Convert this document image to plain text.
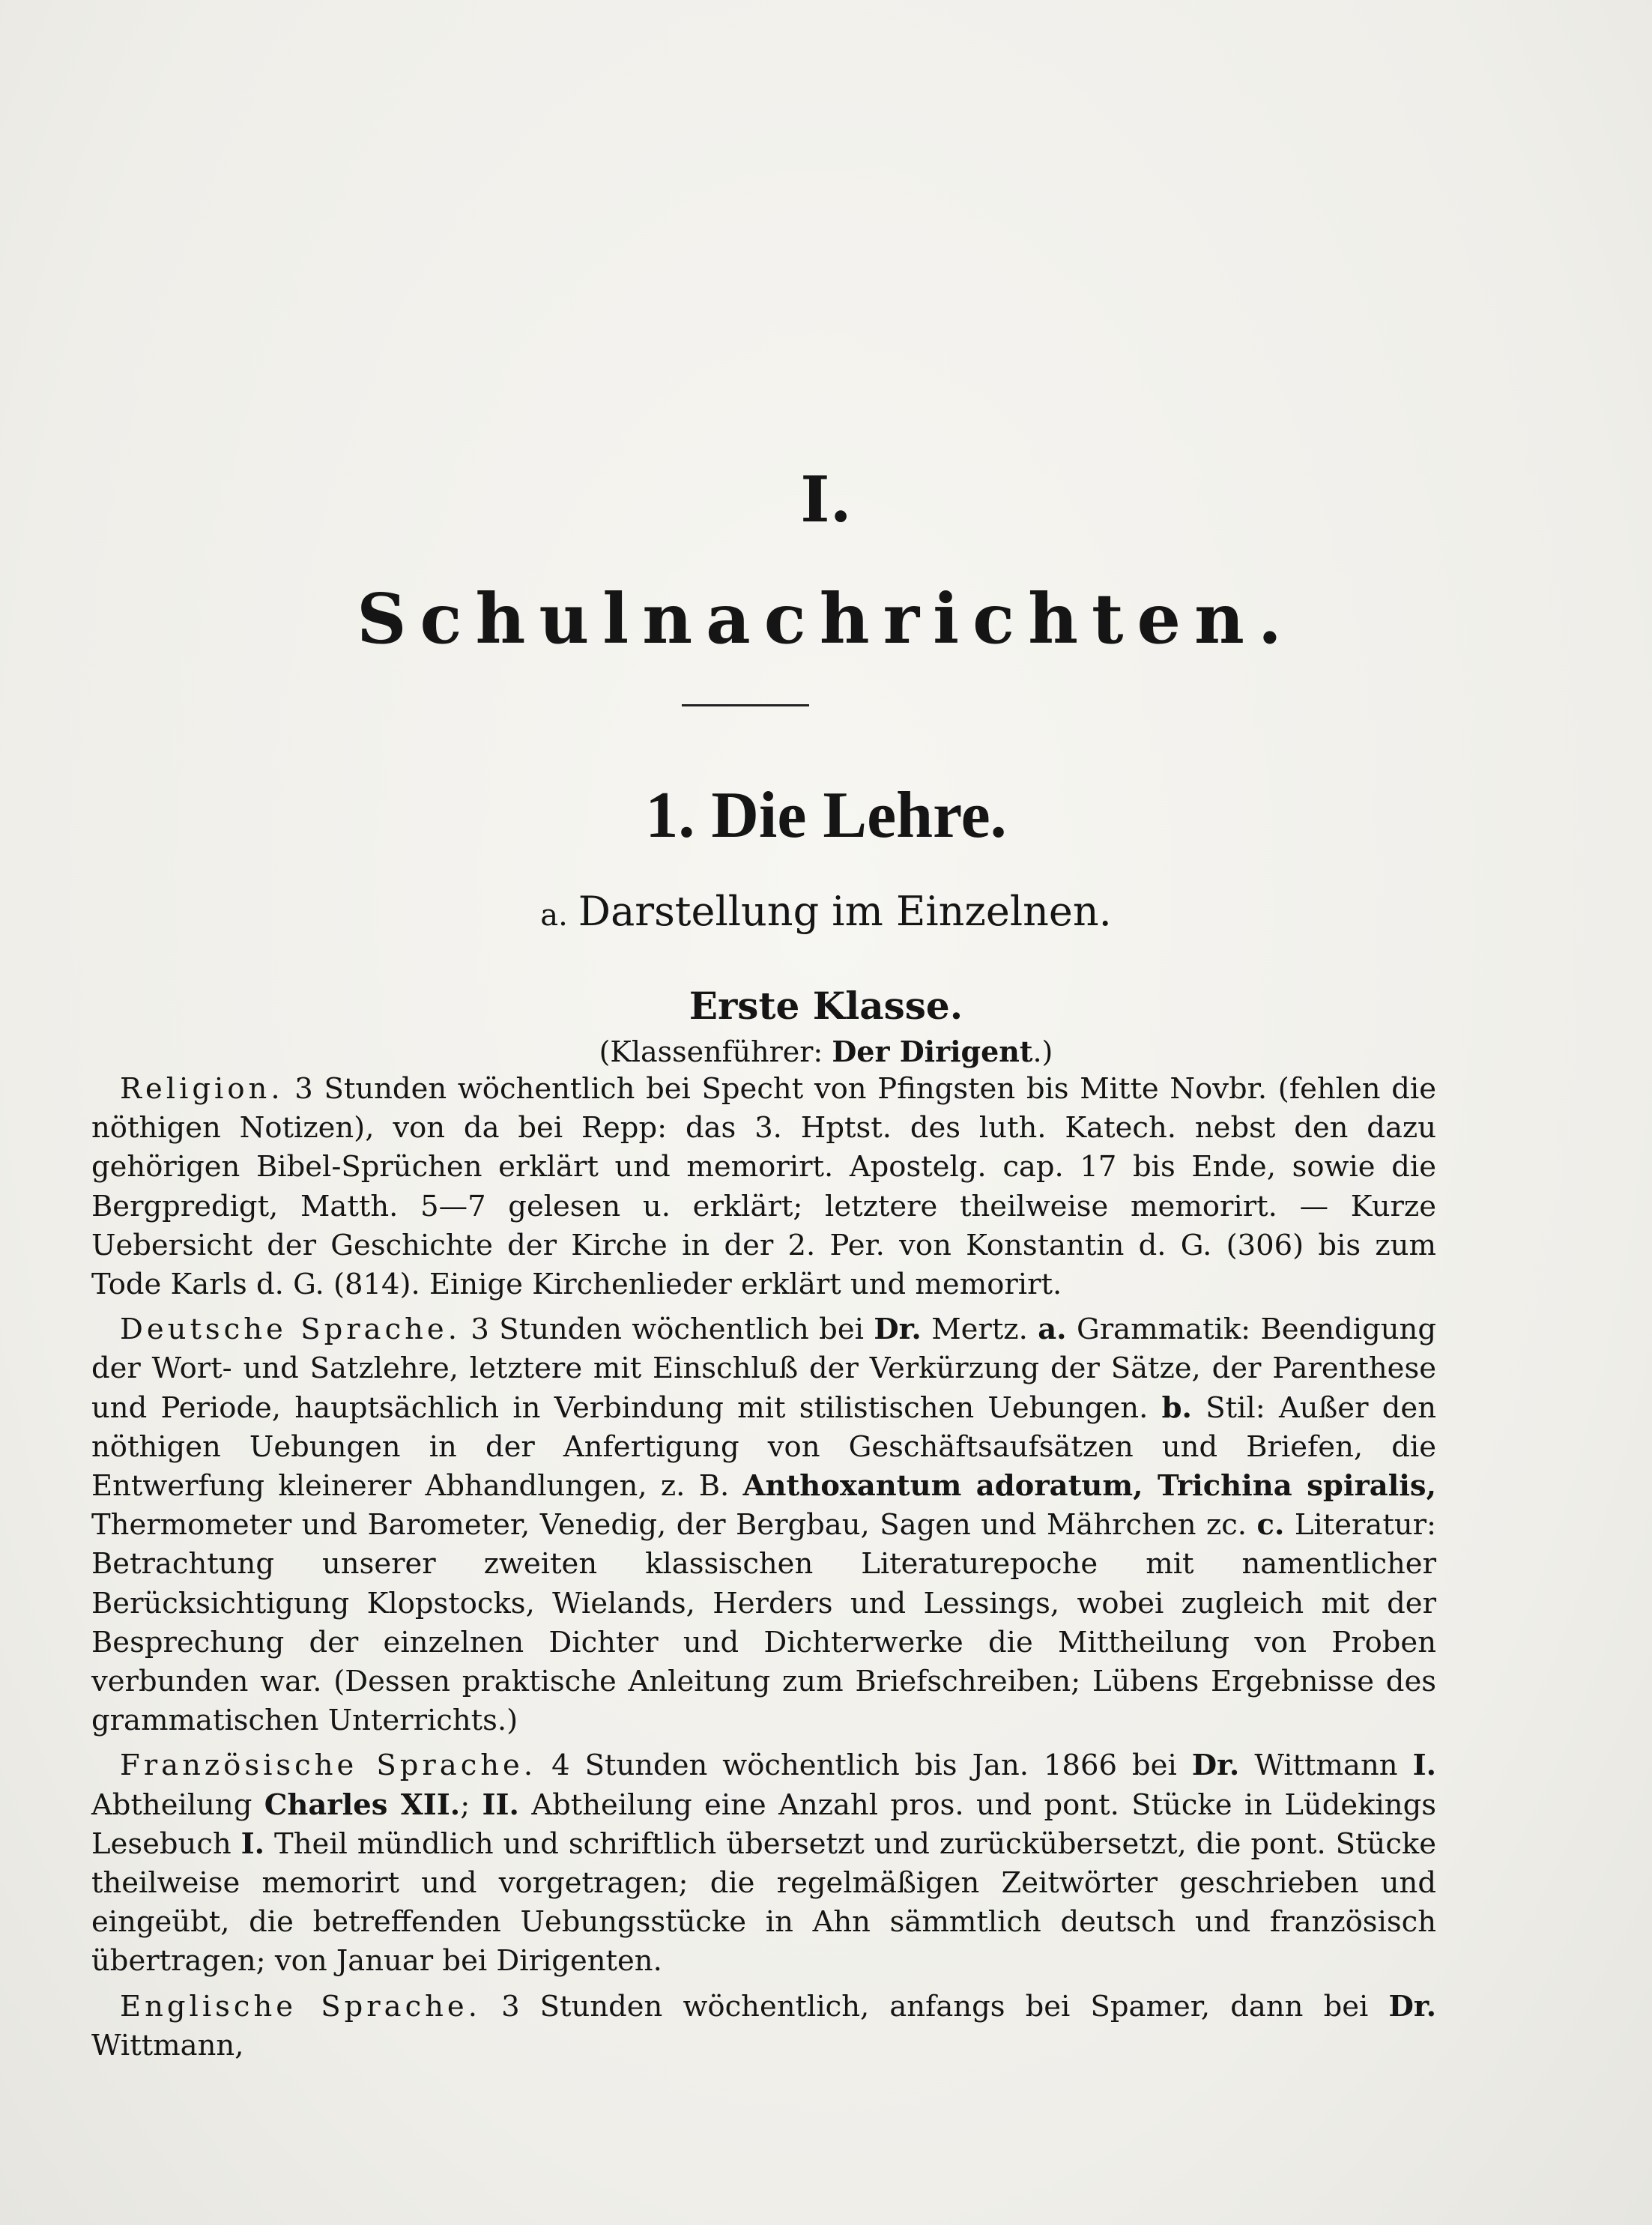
I.
Schulnachrichten.
1. Die Lehre.
a. Darstellung im Einzelnen.
Erste Klasse.
(Klassenführer: Der Dirigent.)

Religion. 3 Stunden wöchentlich bei Specht von Pfingsten bis Mitte Novbr. (fehlen die nöthigen Notizen), von da bei Repp: das 3. Hptst. des luth. Katech. nebst den dazu gehörigen Bibel-Sprüchen erklärt und memorirt. Apostelg. cap. 17 bis Ende, sowie die Bergpredigt, Matth. 5—7 gelesen u. erklärt; letztere theilweise memorirt. — Kurze Uebersicht der Geschichte der Kirche in der 2. Per. von Konstantin d. G. (306) bis zum Tode Karls d. G. (814). Einige Kirchenlieder erklärt und memorirt.

Deutsche Sprache. 3 Stunden wöchentlich bei Dr. Mertz. a. Grammatik: Beendigung der Wort- und Satzlehre, letztere mit Einschluß der Verkürzung der Sätze, der Parenthese und Periode, hauptsächlich in Verbindung mit stilistischen Uebungen. b. Stil: Außer den nöthigen Uebungen in der Anfertigung von Geschäftsaufsätzen und Briefen, die Entwerfung kleinerer Abhandlungen, z. B. Anthoxantum adoratum, Trichina spiralis, Thermometer und Barometer, Venedig, der Bergbau, Sagen und Mährchen zc. c. Literatur: Betrachtung unserer zweiten klassischen Literaturepoche mit namentlicher Berücksichtigung Klopstocks, Wielands, Herders und Lessings, wobei zugleich mit der Besprechung der einzelnen Dichter und Dichterwerke die Mittheilung von Proben verbunden war. (Dessen praktische Anleitung zum Briefschreiben; Lübens Ergebnisse des grammatischen Unterrichts.)

Französische Sprache. 4 Stunden wöchentlich bis Jan. 1866 bei Dr. Wittmann I. Abtheilung Charles XII.; II. Abtheilung eine Anzahl pros. und pont. Stücke in Lüdekings Lesebuch I. Theil mündlich und schriftlich übersetzt und zurückübersetzt, die pont. Stücke theilweise memorirt und vorgetragen; die regelmäßigen Zeitwörter geschrieben und eingeübt, die betreffenden Uebungsstücke in Ahn sämmtlich deutsch und französisch übertragen; von Januar bei Dirigenten.

Englische Sprache. 3 Stunden wöchentlich, anfangs bei Spamer, dann bei Dr. Wittmann,
